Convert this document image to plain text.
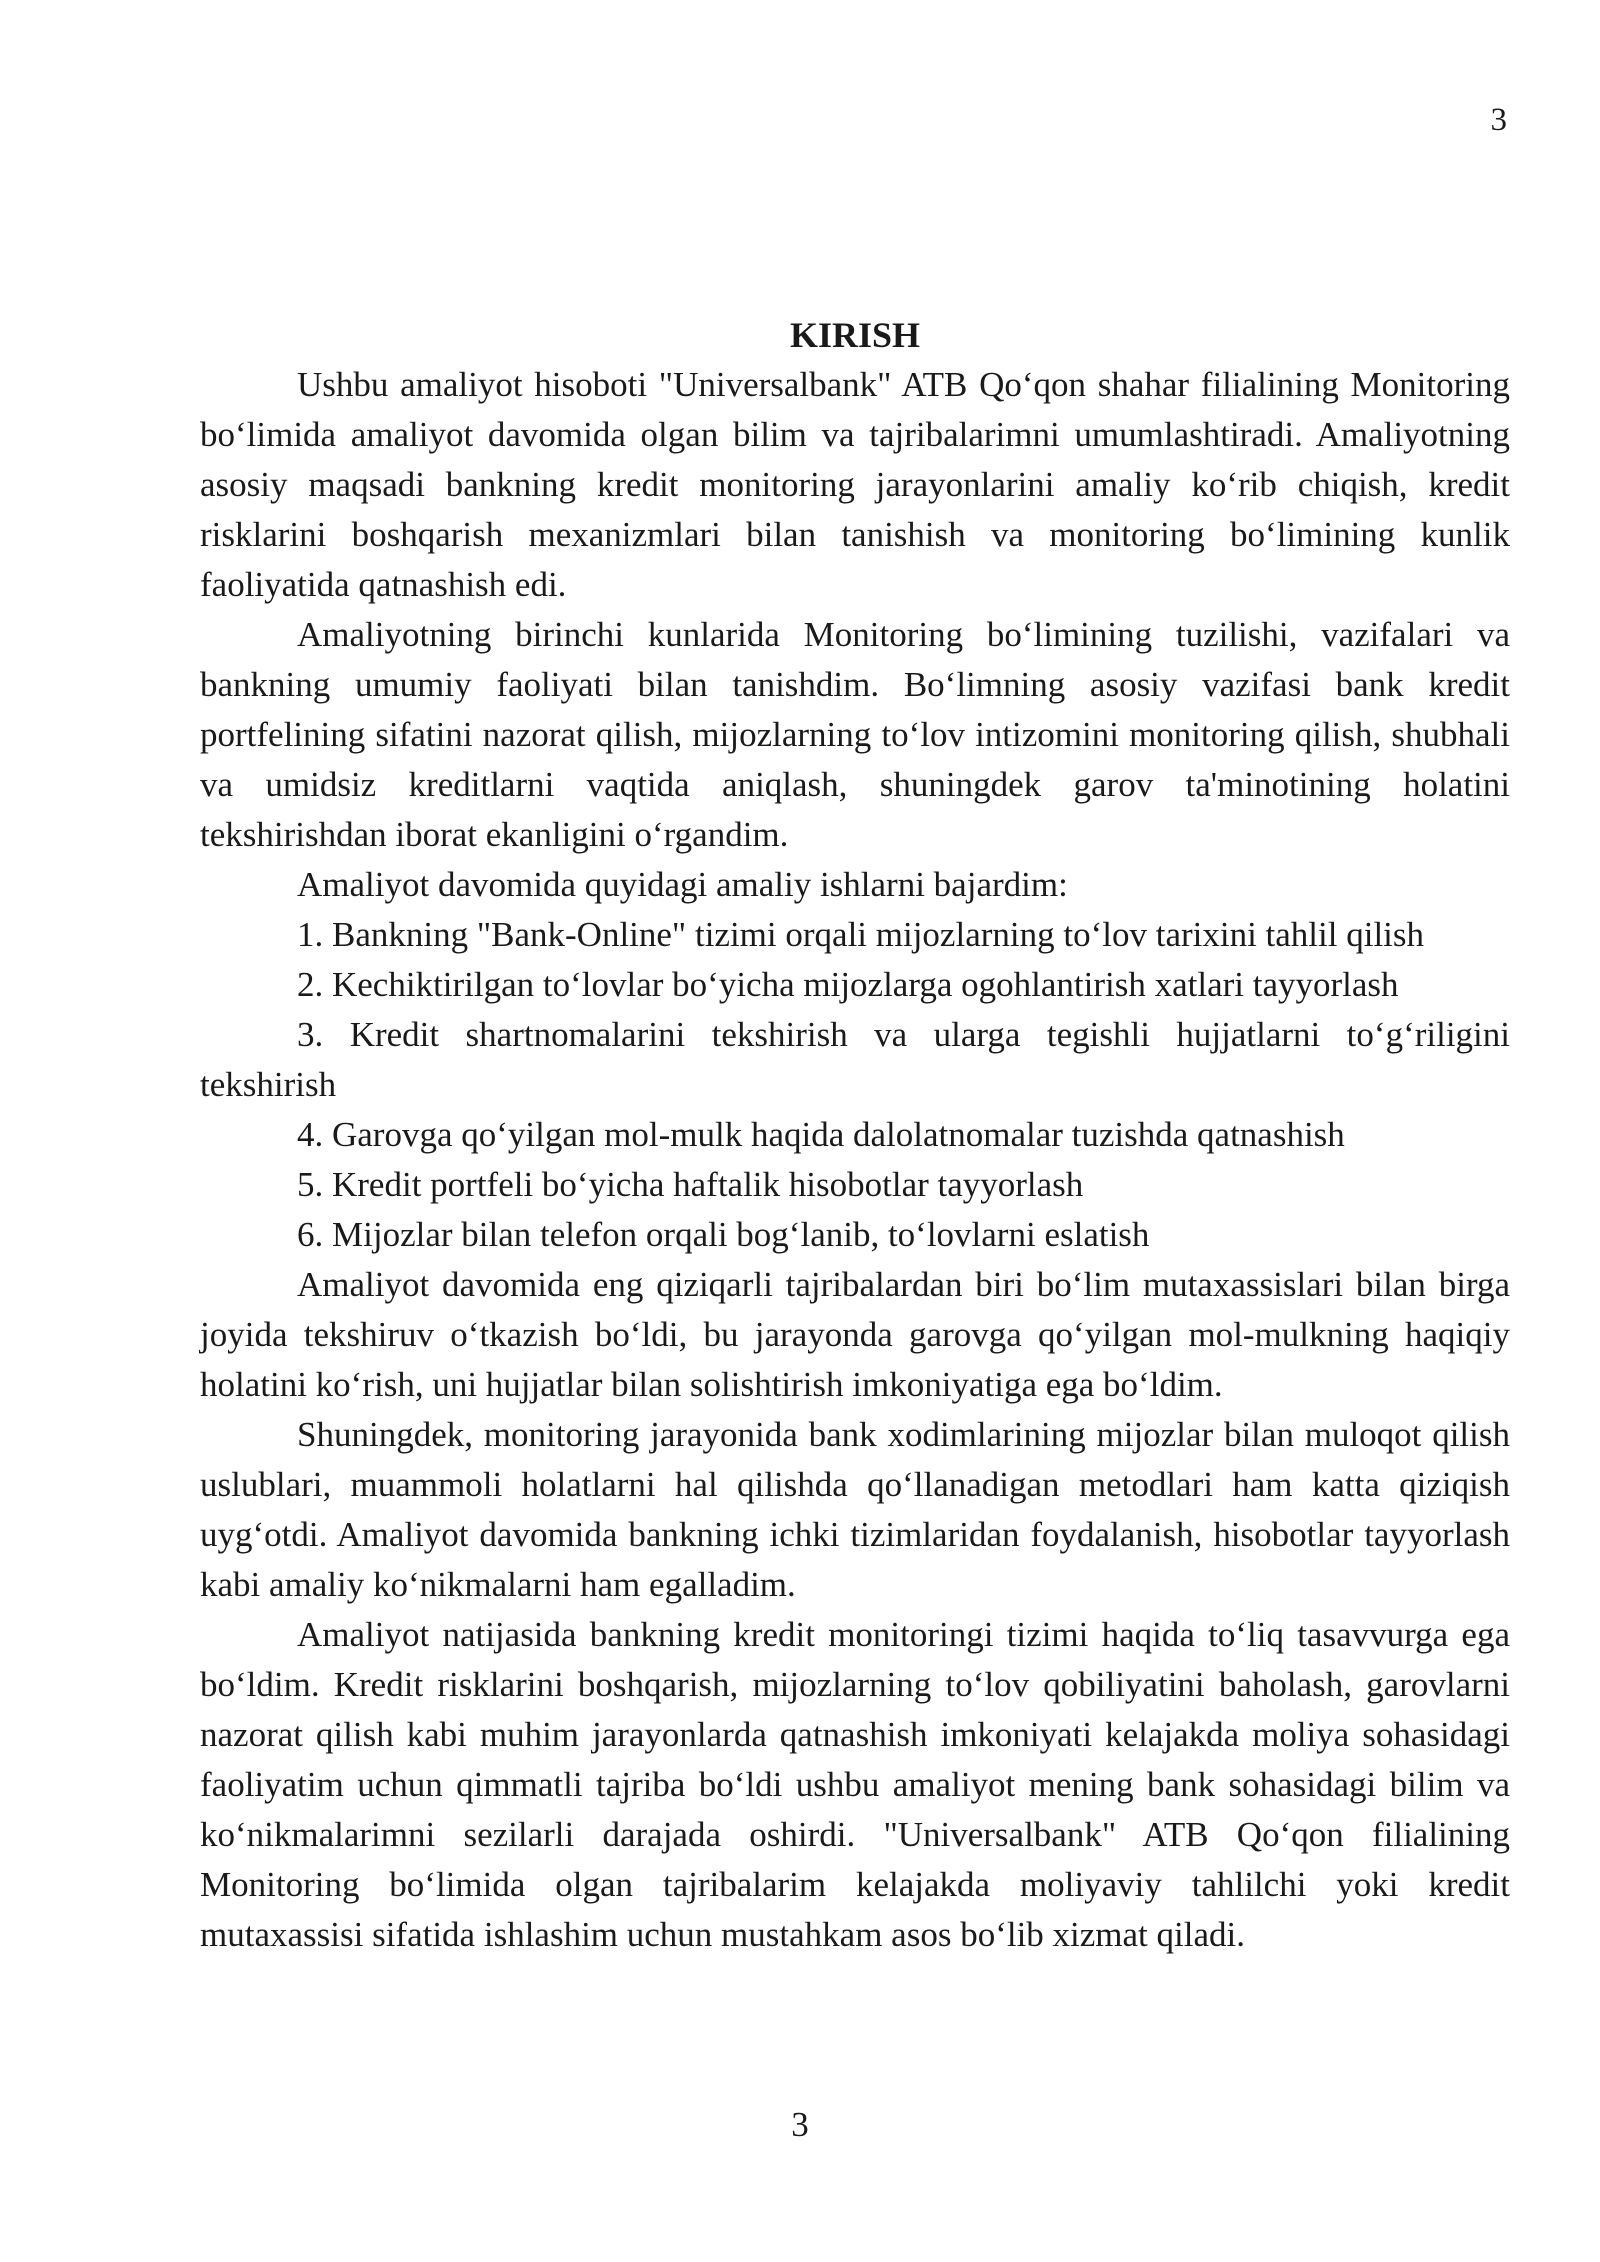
3
KIRISH

Ushbu amaliyot hisoboti "Universalbank" ATB Qo‘qon shahar filialining Monitoring bo‘limida amaliyot davomida olgan bilim va tajribalarimni umumlashtiradi. Amaliyotning asosiy maqsadi bankning kredit monitoring jarayonlarini amaliy ko‘rib chiqish, kredit risklarini boshqarish mexanizmlari bilan tanishish va monitoring bo‘limining kunlik faoliyatida qatnashish edi.

Amaliyotning birinchi kunlarida Monitoring bo‘limining tuzilishi, vazifalari va bankning umumiy faoliyati bilan tanishdim. Bo‘limning asosiy vazifasi bank kredit portfelining sifatini nazorat qilish, mijozlarning to‘lov intizomini monitoring qilish, shubhali va umidsiz kreditlarni vaqtida aniqlash, shuningdek garov ta'minotining holatini tekshirishdan iborat ekanligini o‘rgandim.

Amaliyot davomida quyidagi amaliy ishlarni bajardim:

1. Bankning "Bank-Online" tizimi orqali mijozlarning to‘lov tarixini tahlil qilish

2. Kechiktirilgan to‘lovlar bo‘yicha mijozlarga ogohlantirish xatlari tayyorlash

3. Kredit shartnomalarini tekshirish va ularga tegishli hujjatlarni to‘g‘riligini tekshirish

4. Garovga qo‘yilgan mol-mulk haqida dalolatnomalar tuzishda qatnashish

5. Kredit portfeli bo‘yicha haftalik hisobotlar tayyorlash

6. Mijozlar bilan telefon orqali bog‘lanib, to‘lovlarni eslatish

Amaliyot davomida eng qiziqarli tajribalardan biri bo‘lim mutaxassislari bilan birga joyida tekshiruv o‘tkazish bo‘ldi, bu jarayonda garovga qo‘yilgan mol-mulkning haqiqiy holatini ko‘rish, uni hujjatlar bilan solishtirish imkoniyatiga ega bo‘ldim.

Shuningdek, monitoring jarayonida bank xodimlarining mijozlar bilan muloqot qilish uslublari, muammoli holatlarni hal qilishda qo‘llanadigan metodlari ham katta qiziqish uyg‘otdi. Amaliyot davomida bankning ichki tizimlaridan foydalanish, hisobotlar tayyorlash kabi amaliy ko‘nikmalarni ham egalladim.

Amaliyot natijasida bankning kredit monitoringi tizimi haqida to‘liq tasavvurga ega bo‘ldim. Kredit risklarini boshqarish, mijozlarning to‘lov qobiliyatini baholash, garovlarni nazorat qilish kabi muhim jarayonlarda qatnashish imkoniyati kelajakda moliya sohasidagi faoliyatim uchun qimmatli tajriba bo‘ldi ushbu amaliyot mening bank sohasidagi bilim va ko‘nikmalarimni sezilarli darajada oshirdi. "Universalbank" ATB Qo‘qon filialining Monitoring bo‘limida olgan tajribalarim kelajakda moliyaviy tahlilchi yoki kredit mutaxassisi sifatida ishlashim uchun mustahkam asos bo‘lib xizmat qiladi.

3
